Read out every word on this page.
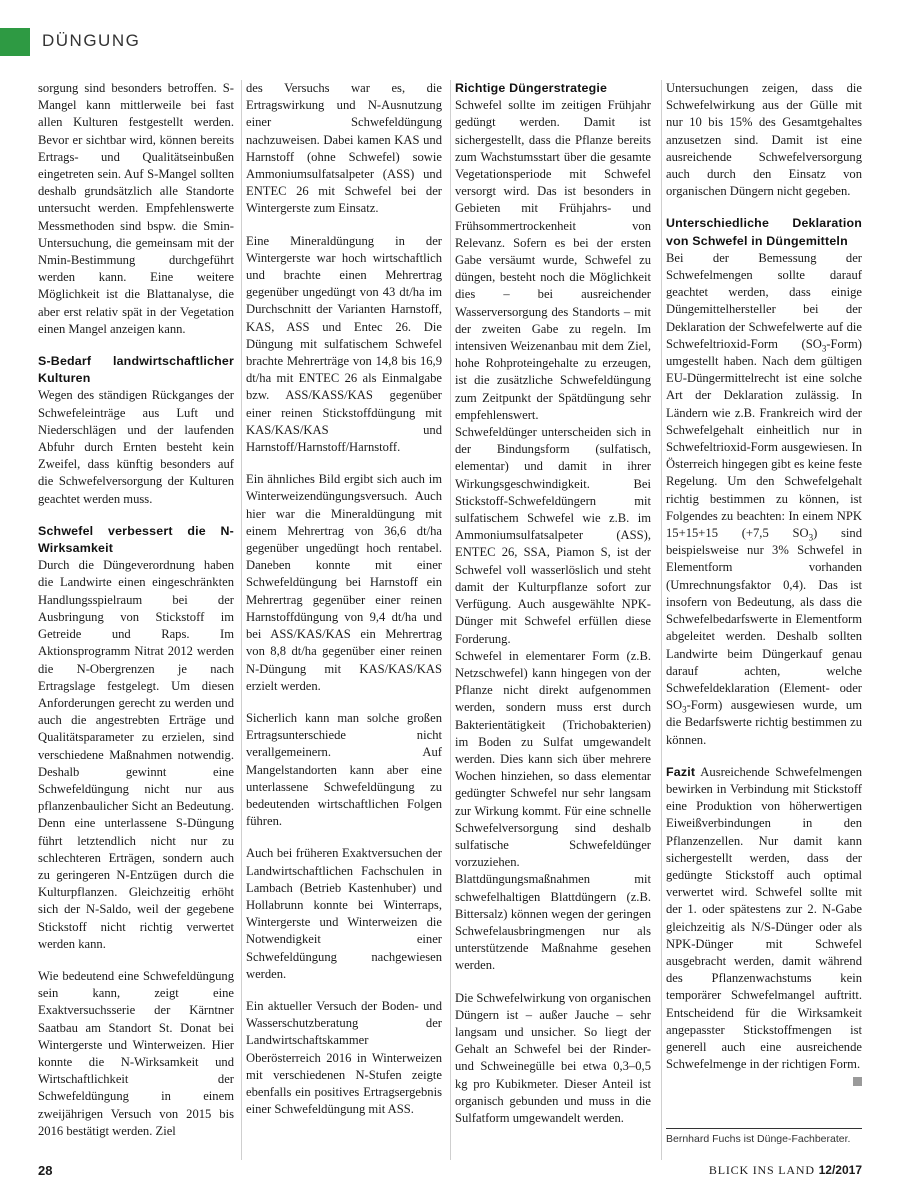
DÜNGUNG

sorgung sind besonders betroffen. S-Mangel kann mittlerweile bei fast allen Kulturen festgestellt werden. Bevor er sichtbar wird, können bereits Ertrags- und Qualitätseinbußen eingetreten sein. Auf S-Mangel sollten deshalb grundsätzlich alle Standorte untersucht werden. Empfehlenswerte Messmethoden sind bspw. die Smin-Untersuchung, die gemeinsam mit der Nmin-Bestimmung durchgeführt werden kann. Eine weitere Möglichkeit ist die Blattanalyse, die aber erst relativ spät in der Vegetation einen Mangel anzeigen kann.

S-Bedarf landwirtschaftlicher Kulturen
Wegen des ständigen Rückganges der Schwefeleinträge aus Luft und Niederschlägen und der laufenden Abfuhr durch Ernten besteht kein Zweifel, dass künftig besonders auf die Schwefelversorgung der Kulturen geachtet werden muss.

Schwefel verbessert die N-Wirksamkeit
Durch die Düngeverordnung haben die Landwirte einen eingeschränkten Handlungsspielraum bei der Ausbringung von Stickstoff im Getreide und Raps. Im Aktionsprogramm Nitrat 2012 werden die N-Obergrenzen je nach Ertragslage festgelegt. Um diesen Anforderungen gerecht zu werden und auch die angestrebten Erträge und Qualitätsparameter zu erzielen, sind verschiedene Maßnahmen notwendig. Deshalb gewinnt eine Schwefeldüngung nicht nur aus pflanzenbaulicher Sicht an Bedeutung. Denn eine unterlassene S-Düngung führt letztendlich nicht nur zu schlechteren Erträgen, sondern auch zu geringeren N-Entzügen durch die Kulturpflanzen. Gleichzeitig erhöht sich der N-Saldo, weil der gegebene Stickstoff nicht richtig verwertet werden kann.

Wie bedeutend eine Schwefeldüngung sein kann, zeigt eine Exaktversuchsserie der Kärntner Saatbau am Standort St. Donat bei Wintergerste und Winterweizen. Hier konnte die N-Wirksamkeit und Wirtschaftlichkeit der Schwefeldüngung in einem zweijährigen Versuch von 2015 bis 2016 bestätigt werden. Ziel

des Versuchs war es, die Ertragswirkung und N-Ausnutzung einer Schwefeldüngung nachzuweisen. Dabei kamen KAS und Harnstoff (ohne Schwefel) sowie Ammoniumsulfatsalpeter (ASS) und ENTEC 26 mit Schwefel bei der Wintergerste zum Einsatz.

Eine Mineraldüngung in der Wintergerste war hoch wirtschaftlich und brachte einen Mehrertrag gegenüber ungedüngt von 43 dt/ha im Durchschnitt der Varianten Harnstoff, KAS, ASS und Entec 26. Die Düngung mit sulfatischem Schwefel brachte Mehrerträge von 14,8 bis 16,9 dt/ha mit ENTEC 26 als Einmalgabe bzw. ASS/KASS/KAS gegenüber einer reinen Stickstoffdüngung mit KAS/KAS/KAS und Harnstoff/Harnstoff/Harnstoff.

Ein ähnliches Bild ergibt sich auch im Winterweizendüngungsversuch. Auch hier war die Mineraldüngung mit einem Mehrertrag von 36,6 dt/ha gegenüber ungedüngt hoch rentabel. Daneben konnte mit einer Schwefeldüngung bei Harnstoff ein Mehrertrag gegenüber einer reinen Harnstoffdüngung von 9,4 dt/ha und bei ASS/KAS/KAS ein Mehrertrag von 8,8 dt/ha gegenüber einer reinen N-Düngung mit KAS/KAS/KAS erzielt werden.

Sicherlich kann man solche großen Ertragsunterschiede nicht verallgemeinern. Auf Mangelstandorten kann aber eine unterlassene Schwefeldüngung zu bedeutenden wirtschaftlichen Folgen führen.

Auch bei früheren Exaktversuchen der Landwirtschaftlichen Fachschulen in Lambach (Betrieb Kastenhuber) und Hollabrunn konnte bei Winterraps, Wintergerste und Winterweizen die Notwendigkeit einer Schwefeldüngung nachgewiesen werden.

Ein aktueller Versuch der Boden- und Wasserschutzberatung der Landwirtschaftskammer Oberösterreich 2016 in Winterweizen mit verschiedenen N-Stufen zeigte ebenfalls ein positives Ertragsergebnis einer Schwefeldüngung mit ASS.

Richtige Düngerstrategie
Schwefel sollte im zeitigen Frühjahr gedüngt werden. Damit ist sichergestellt, dass die Pflanze bereits zum Wachstumsstart über die gesamte Vegetationsperiode mit Schwefel versorgt wird. Das ist besonders in Gebieten mit Frühjahrs- und Frühsommertrockenheit von Relevanz. Sofern es bei der ersten Gabe versäumt wurde, Schwefel zu düngen, besteht noch die Möglichkeit dies – bei ausreichender Wasserversorgung des Standorts – mit der zweiten Gabe zu regeln. Im intensiven Weizenanbau mit dem Ziel, hohe Rohproteingehalte zu erzeugen, ist die zusätzliche Schwefeldüngung zum Zeitpunkt der Spätdüngung sehr empfehlenswert.

Schwefeldünger unterscheiden sich in der Bindungsform (sulfatisch, elementar) und damit in ihrer Wirkungsgeschwindigkeit. Bei Stickstoff-Schwefeldüngern mit sulfatischem Schwefel wie z.B. im Ammoniumsulfatsalpeter (ASS), ENTEC 26, SSA, Piamon S, ist der Schwefel voll wasserlöslich und steht damit der Kulturpflanze sofort zur Verfügung. Auch ausgewählte NPK-Dünger mit Schwefel erfüllen diese Forderung.

Schwefel in elementarer Form (z.B. Netzschwefel) kann hingegen von der Pflanze nicht direkt aufgenommen werden, sondern muss erst durch Bakterientätigkeit (Trichobakterien) im Boden zu Sulfat umgewandelt werden. Dies kann sich über mehrere Wochen hinziehen, so dass elementar gedüngter Schwefel nur sehr langsam zur Wirkung kommt. Für eine schnelle Schwefelversorgung sind deshalb sulfatische Schwefeldünger vorzuziehen. Blattdüngungsmaßnahmen mit schwefelhaltigen Blattdüngern (z.B. Bittersalz) können wegen der geringen Schwefelausbringmengen nur als unterstützende Maßnahme gesehen werden.

Die Schwefelwirkung von organischen Düngern ist – außer Jauche – sehr langsam und unsicher. So liegt der Gehalt an Schwefel bei der Rinder- und Schweinegülle bei etwa 0,3–0,5 kg pro Kubikmeter. Dieser Anteil ist organisch gebunden und muss in die Sulfatform umgewandelt werden.

Untersuchungen zeigen, dass die Schwefelwirkung aus der Gülle mit nur 10 bis 15% des Gesamtgehaltes anzusetzen sind. Damit ist eine ausreichende Schwefelversorgung auch durch den Einsatz von organischen Düngern nicht gegeben.

Unterschiedliche Deklaration von Schwefel in Düngemitteln
Bei der Bemessung der Schwefelmengen sollte darauf geachtet werden, dass einige Düngemittelhersteller bei der Deklaration der Schwefelwerte auf die Schwefeltrioxid-Form $(SO_3-Form)$ umgestellt haben. Nach dem gültigen EU-Düngermittelrecht ist eine solche Art der Deklaration zulässig. In Ländern wie z.B. Frankreich wird der Schwefelgehalt einheitlich nur in Schwefeltrioxid-Form ausgewiesen. In Österreich hingegen gibt es keine feste Regelung. Um den Schwefelgehalt richtig bestimmen zu können, ist Folgendes zu beachten: In einem NPK 15+15+15 (+7,5 $SO_3$) sind beispielsweise nur 3% Schwefel in Elementform vorhanden (Umrechnungsfaktor 0,4). Das ist insofern von Bedeutung, als dass die Schwefelbedarfswerte in Elementform abgeleitet werden. Deshalb sollten Landwirte beim Düngerkauf genau darauf achten, welche Schwefeldeklaration (Element- oder $SO_3-Form$) ausgewiesen wurde, um die Bedarfswerte richtig bestimmen zu können.

Fazit Ausreichende Schwefelmengen bewirken in Verbindung mit Stickstoff eine Produktion von höherwertigen Eiweißverbindungen in den Pflanzenzellen. Nur damit kann sichergestellt werden, dass der gedüngte Stickstoff auch optimal verwertet wird. Schwefel sollte mit der 1. oder spätestens zur 2. N-Gabe gleichzeitig als N/S-Dünger oder als NPK-Dünger mit Schwefel ausgebracht werden, damit während des Pflanzenwachstums kein temporärer Schwefelmangel auftritt. Entscheidend für die Wirksamkeit angepasster Stickstoffmengen ist generell auch eine ausreichende Schwefelmenge in der richtigen Form.

Bernhard Fuchs ist Dünge-Fachberater.
28	BLICK INS LAND 12/2017
